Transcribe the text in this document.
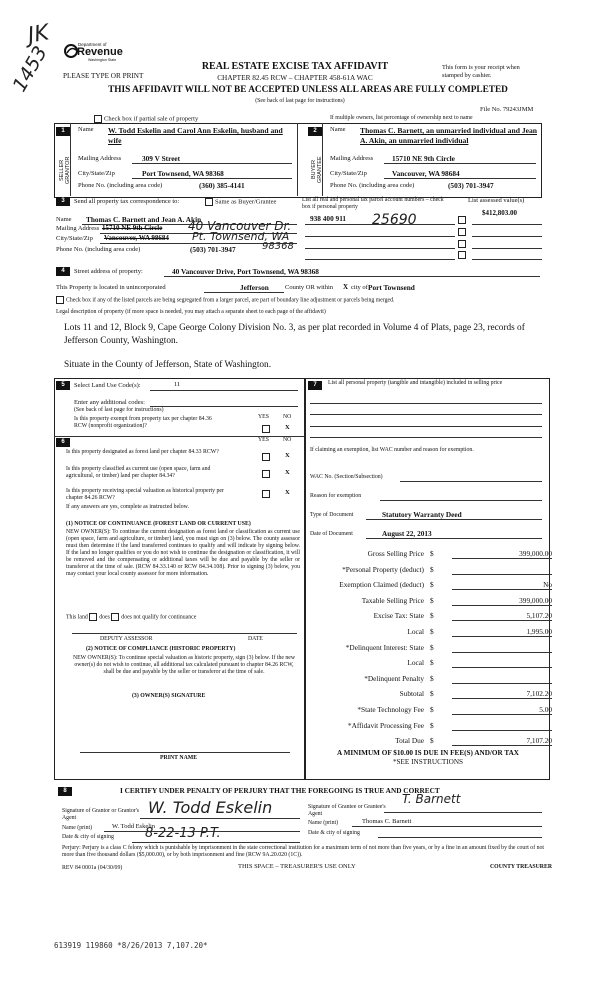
JK
1453	Department of
Revenue
Washington State
PLEASE TYPE OR PRINT
REAL ESTATE EXCISE TAX AFFIDAVIT
CHAPTER 82.45 RCW – CHAPTER 458-61A WAC
This form is your receipt when stamped by cashier.
THIS AFFIDAVIT WILL NOT BE ACCEPTED UNLESS ALL AREAS ARE FULLY COMPLETED
(See back of last page for instructions)
File No. 79243JMM
Check box if partial sale of property	If multiple owners, list percentage of ownership next to name
1
SELLER GRANTOR
Name W. Todd Eskelin and Carol Ann Eskelin, husband and wife
Mailing Address	309 V Street
City/State/Zip	Port Townsend, WA 98368
Phone No. (including area code)	(360) 385-4141
2
BUYER GRANTEE
Name Thomas C. Barnett, an unmarried individual and Jean A. Akin, an unmarried individual
Mailing Address	15710 NE 9th Circle
City/State/Zip	Vancouver, WA 98684
Phone No. (including area code)	(503) 701-3947
3	Send all property tax correspondence to:	Same as Buyer/Grantee	List all real and personal tax parcel account numbers – check box if personal property
List assessed value(s)
Name Thomas C. Barnett and Jean A. Akin
Mailing Address 15710 NE 9th Circle 40 Vancouver Dr.
City/State/Zip Vancouver, WA 98684 Pt. Townsend, WA
Phone No. (including area code)	(503) 701-3947	98368
938 400 911 25690	$412,803.00
4	Street address of property:	40 Vancouver Drive, Port Townsend, WA 98368
This Property is located in unincorporated	Jefferson County OR within X city of Port Townsend
Check box if any of the listed parcels are being segregated from a larger parcel, are part of boundary line adjustment or parcels being merged.
Legal description of property (if more space is needed, you may attach a separate sheet to each page of the affidavit)
Lots 11 and 12, Block 9, Cape George Colony Division No. 3, as per plat recorded in Volume 4 of Plats, page 23, records of Jefferson County, Washington.
Situate in the County of Jefferson, State of Washington.
5	Select Land Use Code(s):	11
Enter any additional codes:
(See back of last page for instructions)
Is this property exempt from property tax per chapter 84.36 RCW (nonprofit organization)?
YES NO
X
6	YES NO
Is this property designated as forest land per chapter 84.33 RCW?	X
Is this property classified as current use (open space, farm and agricultural, or timber) land per chapter 84.34?	X
Is this property receiving special valuation as historical property per chapter 84.26 RCW?
X
If any answers are yes, complete as instructed below.
(1) NOTICE OF CONTINUANCE (FOREST LAND OR CURRENT USE)
NEW OWNER(S): To continue the current designation as forest land or classification as current use (open space, farm and agriculture, or timber) land, you must sign on (3) below. The county assessor must then determine if the land transferred continues to qualify and will indicate by signing below. If the land no longer qualifies or you do not wish to continue the designation or classification, it will be removed and the compensating or additional taxes will be due and payable by the seller or transferor at the time of sale. (RCW 84.33.140 or RCW 84.34.108). Prior to signing (3) below, you may contact your local county assessor for more information.
This land does does not qualify for continuance
DEPUTY ASSESSOR	DATE
(2) NOTICE OF COMPLIANCE (HISTORIC PROPERTY)
NEW OWNER(S): To continue special valuation as historic property, sign (3) below. If the new owner(s) do not wish to continue, all additional tax calculated pursuant to chapter 84.26 RCW, shall be due and payable by the seller or transferor at the time of sale.
(3) OWNER(S) SIGNATURE
PRINT NAME
7	List all personal property (tangible and intangible) included in selling price
If claiming an exemption, list WAC number and reason for exemption.
WAC No. (Section/Subsection)
Reason for exemption
Type of Document	Statutory Warranty Deed
Date of Document	August 22, 2013
Gross Selling Price $	399,000.00
*Personal Property (deduct) $
Exemption Claimed (deduct) $	No
Taxable Selling Price $	399,000.00
Excise Tax: State $	5,107.20
Local $	1,995.00
*Delinquent Interest: State $
Local $
*Delinquent Penalty $
Subtotal $	7,102.20
*State Technology Fee $	5.00
*Affidavit Processing Fee $
Total Due $	7,107.20
A MINIMUM OF $10.00 IS DUE IN FEE(S) AND/OR TAX
*SEE INSTRUCTIONS
8	I CERTIFY UNDER PENALTY OF PERJURY THAT THE FOREGOING IS TRUE AND CORRECT
Signature of Grantor or Grantor's Agent
W. Todd Eskelin
Name (print)	W. Todd Eskelin
Date & city of signing 8-22-13 P.T.
Signature of Grantee or Grantee's Agent
T. Barnett
Name (print)	Thomas C. Barnett
Date & city of signing
Perjury: Perjury is a class C felony which is punishable by imprisonment in the state correctional institution for a maximum term of not more than five years, or by a fine in an amount fixed by the court of not more than five thousand dollars ($5,000.00), or by both imprisonment and fine (RCW 9A.20.020 (1C)).
REV 84 0001a (04/30/09)	THIS SPACE – TREASURER'S USE ONLY	COUNTY TREASURER
613919 119860 *8/26/2013 7,107.20*
